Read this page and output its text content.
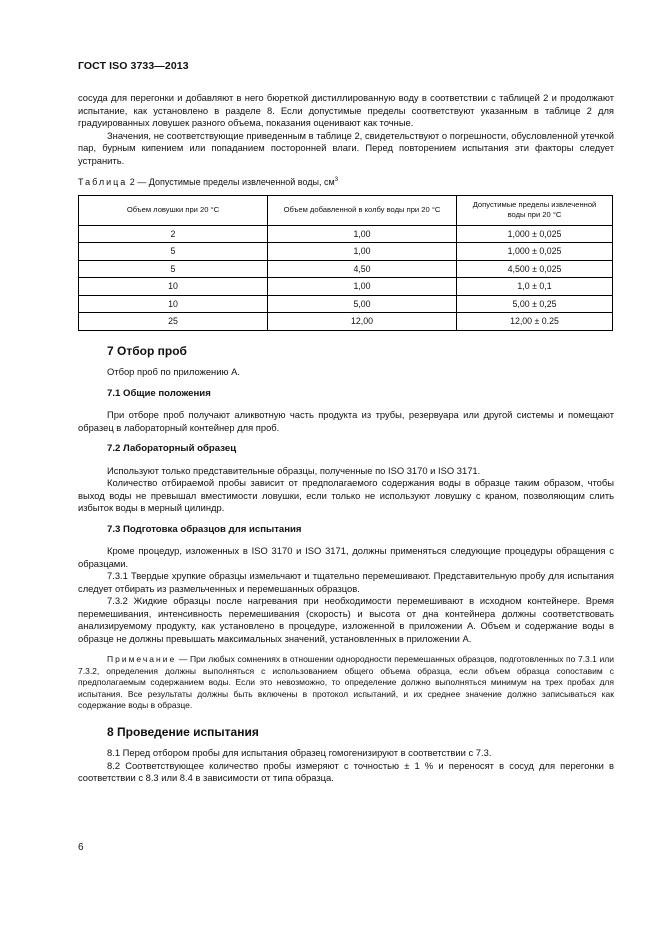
ГОСТ ISO 3733—2013

сосуда для перегонки и добавляют в него бюреткой дистиллированную воду в соответствии с таблицей 2 и продолжают испытание, как установлено в разделе 8. Если допустимые пределы соответствуют указанным в таблице 2 для градуированных ловушек разного объема, показания оценивают как точные.

Значения, не соответствующие приведенным в таблице 2, свидетельствуют о погрешности, обусловленной утечкой пар, бурным кипением или попаданием посторонней влаги. Перед повторением испытания эти факторы следует устранить.

Таблица 2 — Допустимые пределы извлеченной воды, $см^3$
Объем ловушки при 20 °С	Объем добавленной в колбу воды при 20 °С	Допустимые пределы извлеченной воды при 20 °С
2	1,00	1,000 ± 0,025
5	1,00	1,000 ± 0,025
5	4,50	4,500 ± 0,025
10	1,00	1,0 ± 0,1
10	5,00	5,00 ± 0,25
25	12,00	12,00 ± 0.25
7 Отбор проб

Отбор проб по приложению А.

7.1 Общие положения

При отборе проб получают аликвотную часть продукта из трубы, резервуара или другой системы и помещают образец в лабораторный контейнер для проб.

7.2 Лабораторный образец

Используют только представительные образцы, полученные по ISO 3170 и ISO 3171.

Количество отбираемой пробы зависит от предполагаемого содержания воды в образце таким образом, чтобы выход воды не превышал вместимости ловушки, если только не используют ловушку с краном, позволяющим слить избыток воды в мерный цилиндр.

7.3 Подготовка образцов для испытания

Кроме процедур, изложенных в ISO 3170 и ISO 3171, должны применяться следующие процедуры обращения с образцами.

7.3.1 Твердые хрупкие образцы измельчают и тщательно перемешивают. Представительную пробу для испытания следует отбирать из размельченных и перемешанных образцов.

7.3.2 Жидкие образцы после нагревания при необходимости перемешивают в исходном контейнере. Время перемешивания, интенсивность перемешивания (скорость) и высота от дна контейнера должны соответствовать анализируемому продукту, как установлено в процедуре, изложенной в приложении А. Объем и содержание воды в образце не должны превышать максимальных значений, установленных в приложении А.

Примечание — При любых сомнениях в отношении однородности перемешанных образцов, подготовленных по 7.3.1 или 7.3.2, определения должны выполняться с использованием общего объема образца, если объем образца сопоставим с предполагаемым содержанием воды. Если это невозможно, то определение должно выполняться минимум на трех пробах для испытания. Все результаты должны быть включены в протокол испытаний, и их среднее значение должно записываться как содержание воды в образце.

8 Проведение испытания

8.1 Перед отбором пробы для испытания образец гомогенизируют в соответствии с 7.3.

8.2 Соответствующее количество пробы измеряют с точностью ± 1 % и переносят в сосуд для перегонки в соответствии с 8.3 или 8.4 в зависимости от типа образца.

6
